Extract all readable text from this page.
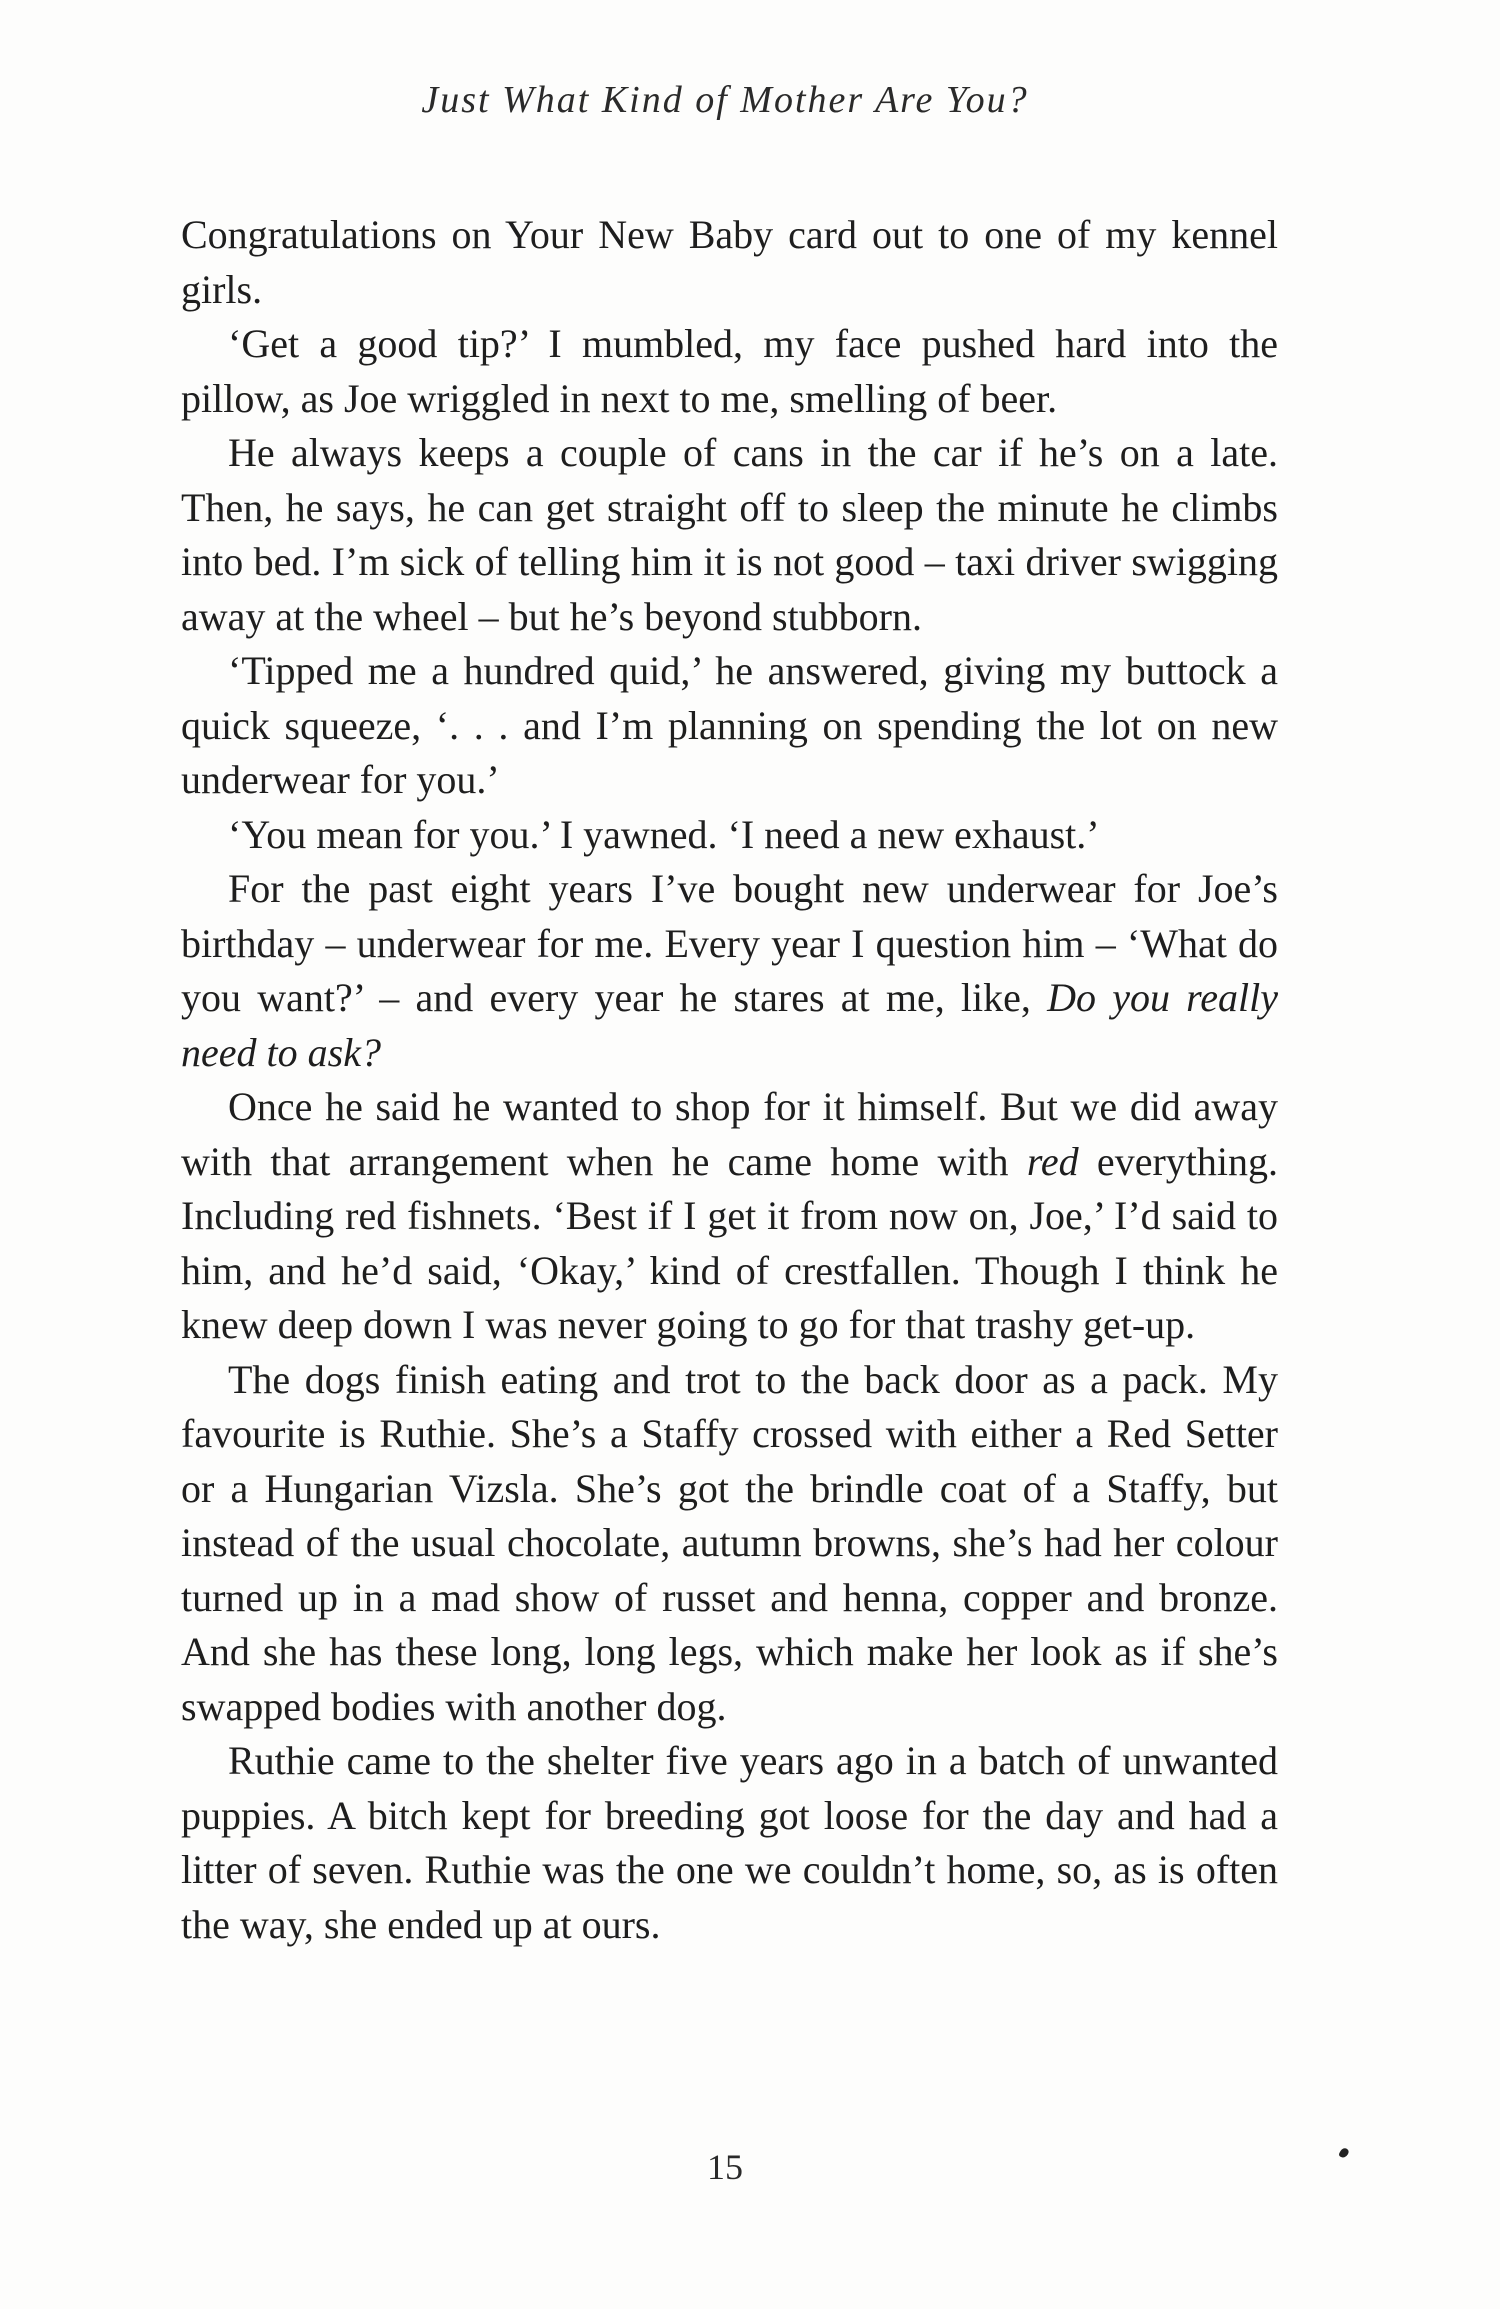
Just What Kind of Mother Are You?

Congratulations on Your New Baby card out to one of my kennel girls.

‘Get a good tip?’ I mumbled, my face pushed hard into the pillow, as Joe wriggled in next to me, smelling of beer.

He always keeps a couple of cans in the car if he’s on a late. Then, he says, he can get straight off to sleep the minute he climbs into bed. I’m sick of telling him it is not good – taxi driver swigging away at the wheel – but he’s beyond stubborn.

‘Tipped me a hundred quid,’ he answered, giving my buttock a quick squeeze, ‘. . . and I’m planning on spending the lot on new underwear for you.’

‘You mean for you.’ I yawned. ‘I need a new exhaust.’

For the past eight years I’ve bought new underwear for Joe’s birthday – underwear for me. Every year I question him – ‘What do you want?’ – and every year he stares at me, like, Do you really need to ask?

Once he said he wanted to shop for it himself. But we did away with that arrangement when he came home with red everything. Including red fishnets. ‘Best if I get it from now on, Joe,’ I’d said to him, and he’d said, ‘Okay,’ kind of crestfallen. Though I think he knew deep down I was never going to go for that trashy get-up.

The dogs finish eating and trot to the back door as a pack. My favourite is Ruthie. She’s a Staffy crossed with either a Red Setter or a Hungarian Vizsla. She’s got the brindle coat of a Staffy, but instead of the usual chocolate, autumn browns, she’s had her colour turned up in a mad show of russet and henna, copper and bronze. And she has these long, long legs, which make her look as if she’s swapped bodies with another dog.

Ruthie came to the shelter five years ago in a batch of unwanted puppies. A bitch kept for breeding got loose for the day and had a litter of seven. Ruthie was the one we couldn’t home, so, as is often the way, she ended up at ours.

15
